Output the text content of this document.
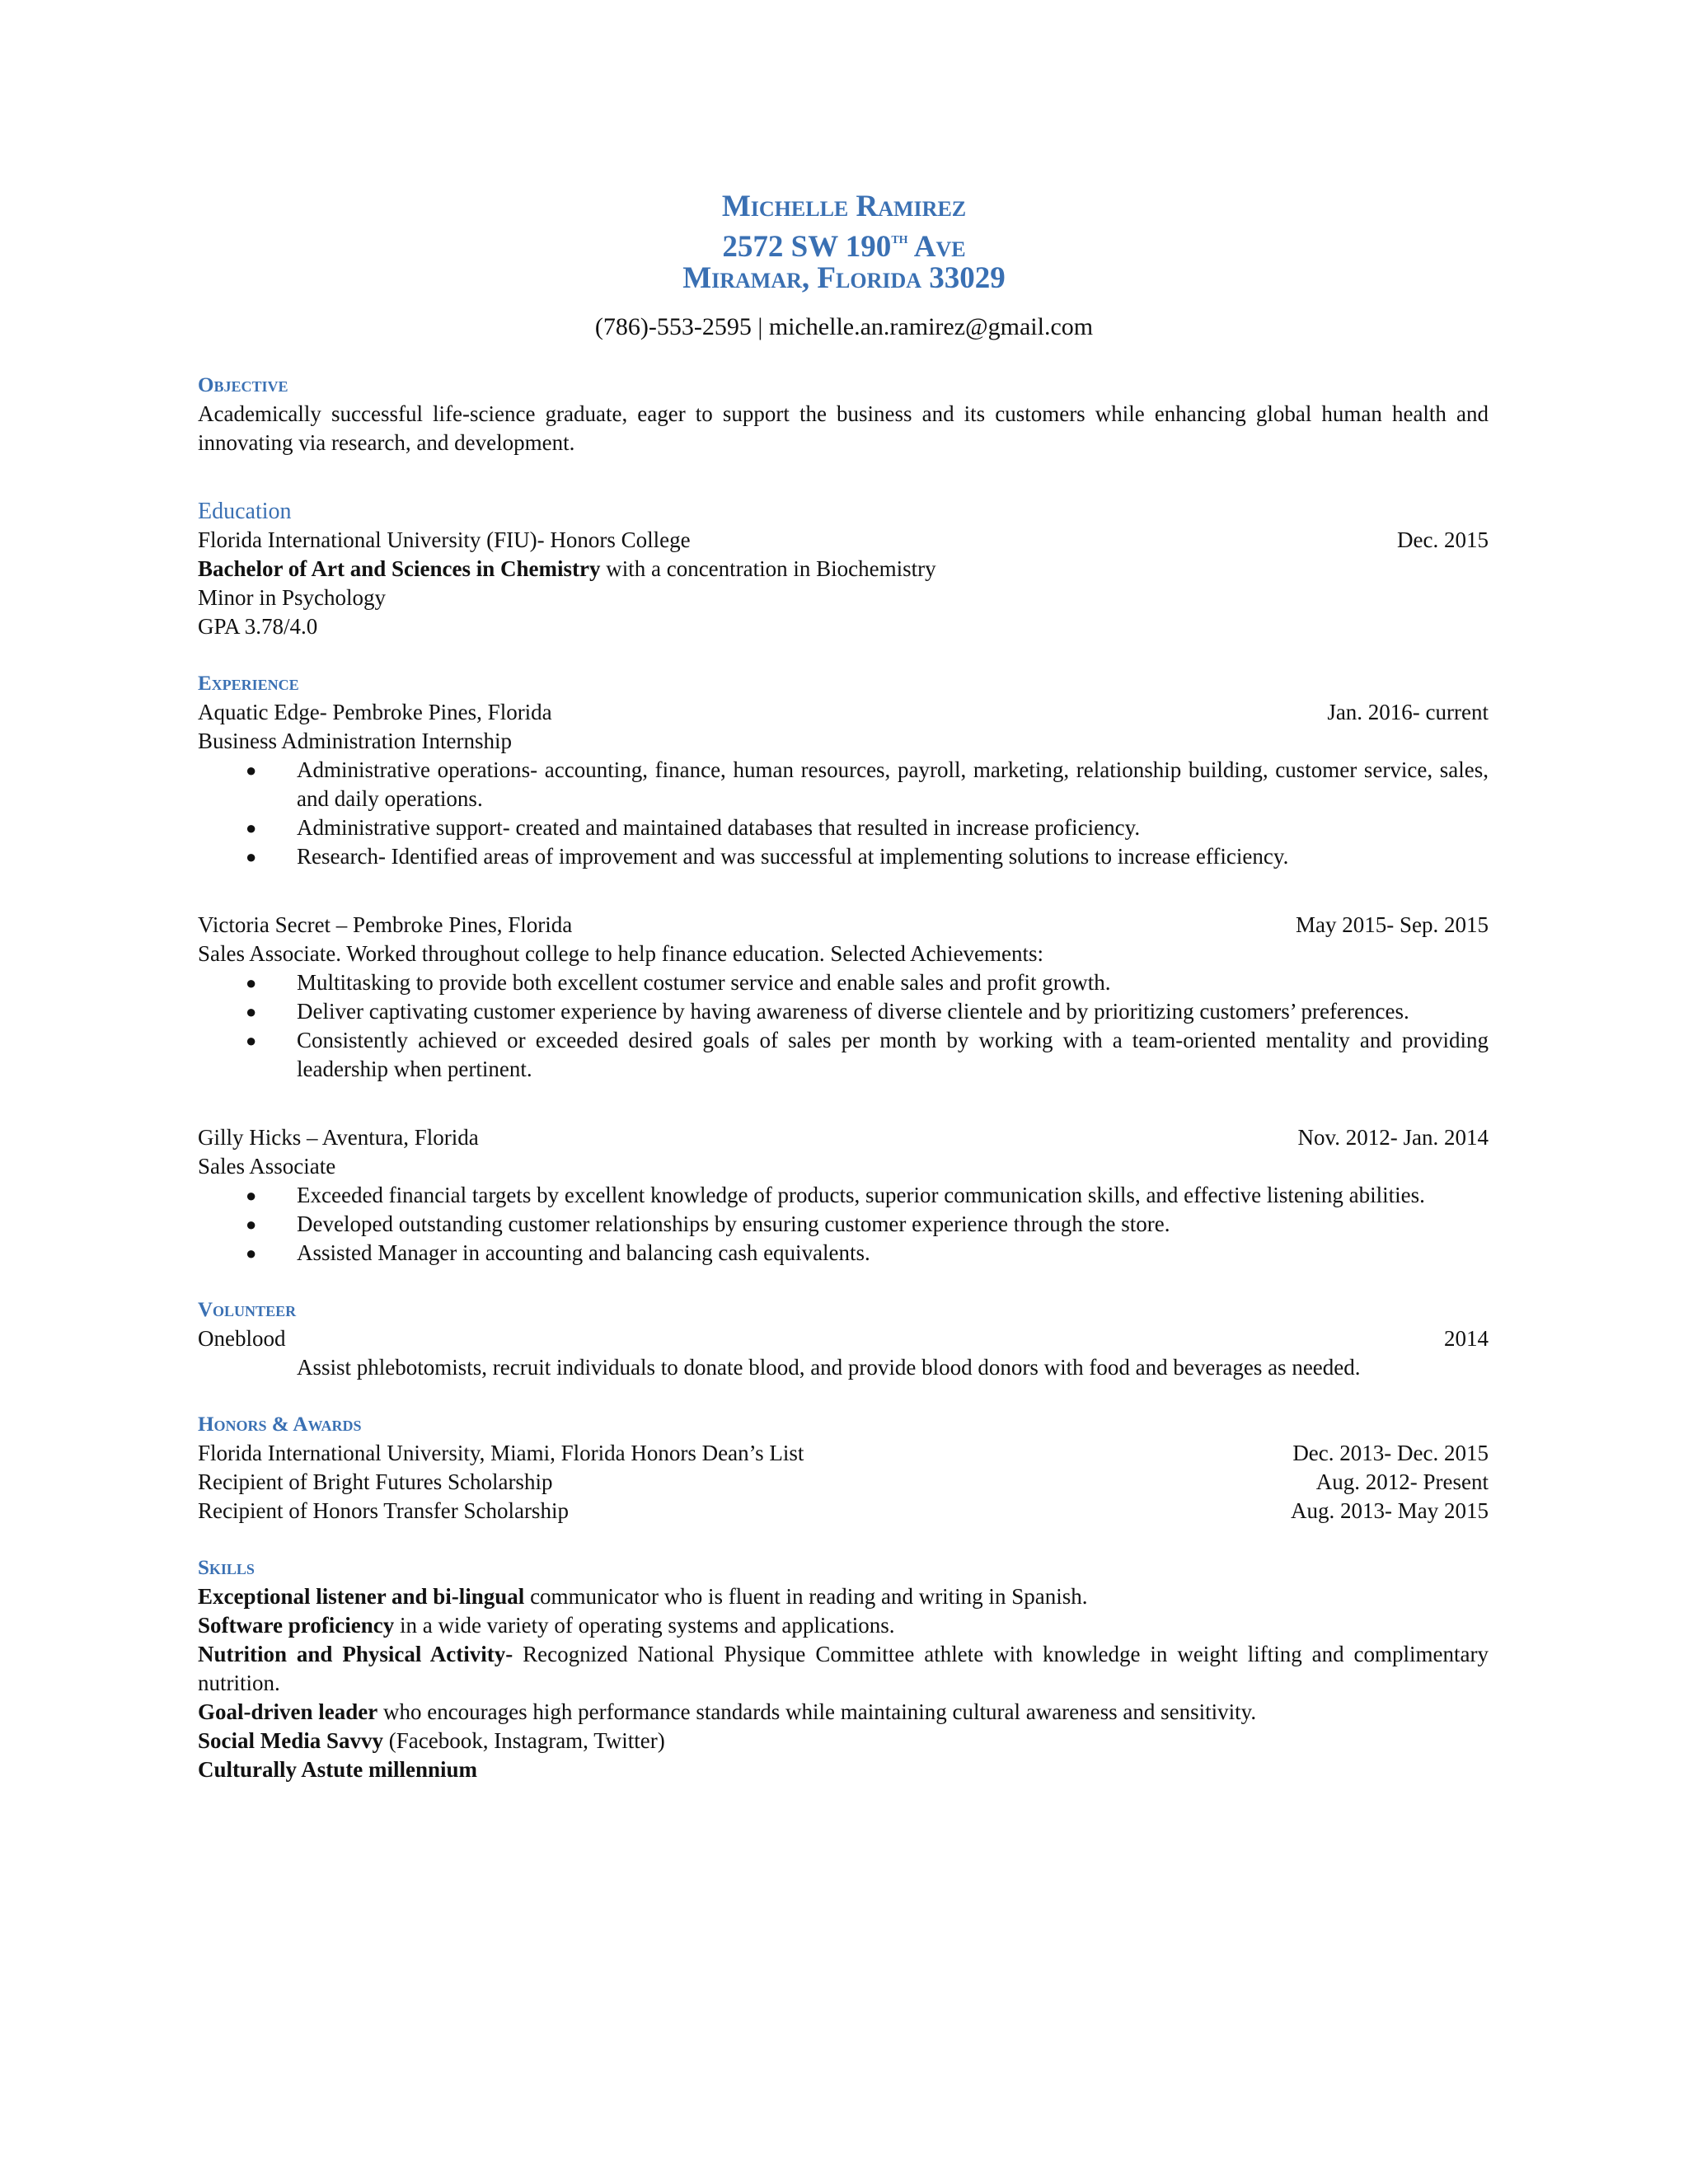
Michelle Ramirez
2572 SW 190th Ave
Miramar, Florida 33029
(786)-553-2595 | michelle.an.ramirez@gmail.com
Objective
Academically successful life-science graduate, eager to support the business and its customers while enhancing global human health and innovating via research, and development.
Education
Florida International University (FIU)- Honors College	Dec. 2015
Bachelor of Art and Sciences in Chemistry with a concentration in Biochemistry
Minor in Psychology
GPA 3.78/4.0
Experience
Aquatic Edge- Pembroke Pines, Florida	Jan. 2016- current
Business Administration Internship
● Administrative operations- accounting, finance, human resources, payroll, marketing, relationship building, customer service, sales, and daily operations.
● Administrative support- created and maintained databases that resulted in increase proficiency.
● Research- Identified areas of improvement and was successful at implementing solutions to increase efficiency.
Victoria Secret – Pembroke Pines, Florida	May 2015- Sep. 2015
Sales Associate. Worked throughout college to help finance education. Selected Achievements:
● Multitasking to provide both excellent costumer service and enable sales and profit growth.
● Deliver captivating customer experience by having awareness of diverse clientele and by prioritizing customers’ preferences.
● Consistently achieved or exceeded desired goals of sales per month by working with a team-oriented mentality and providing leadership when pertinent.
Gilly Hicks – Aventura, Florida	Nov. 2012- Jan. 2014
Sales Associate
● Exceeded financial targets by excellent knowledge of products, superior communication skills, and effective listening abilities.
● Developed outstanding customer relationships by ensuring customer experience through the store.
● Assisted Manager in accounting and balancing cash equivalents.
Volunteer
Oneblood	2014
Assist phlebotomists, recruit individuals to donate blood, and provide blood donors with food and beverages as needed.
Honors & Awards
Florida International University, Miami, Florida Honors Dean’s List	Dec. 2013- Dec. 2015
Recipient of Bright Futures Scholarship	Aug. 2012- Present
Recipient of Honors Transfer Scholarship	Aug. 2013- May 2015
Skills
Exceptional listener and bi-lingual communicator who is fluent in reading and writing in Spanish.
Software proficiency in a wide variety of operating systems and applications.
Nutrition and Physical Activity- Recognized National Physique Committee athlete with knowledge in weight lifting and complimentary nutrition.
Goal-driven leader who encourages high performance standards while maintaining cultural awareness and sensitivity.
Social Media Savvy (Facebook, Instagram, Twitter)
Culturally Astute millennium
